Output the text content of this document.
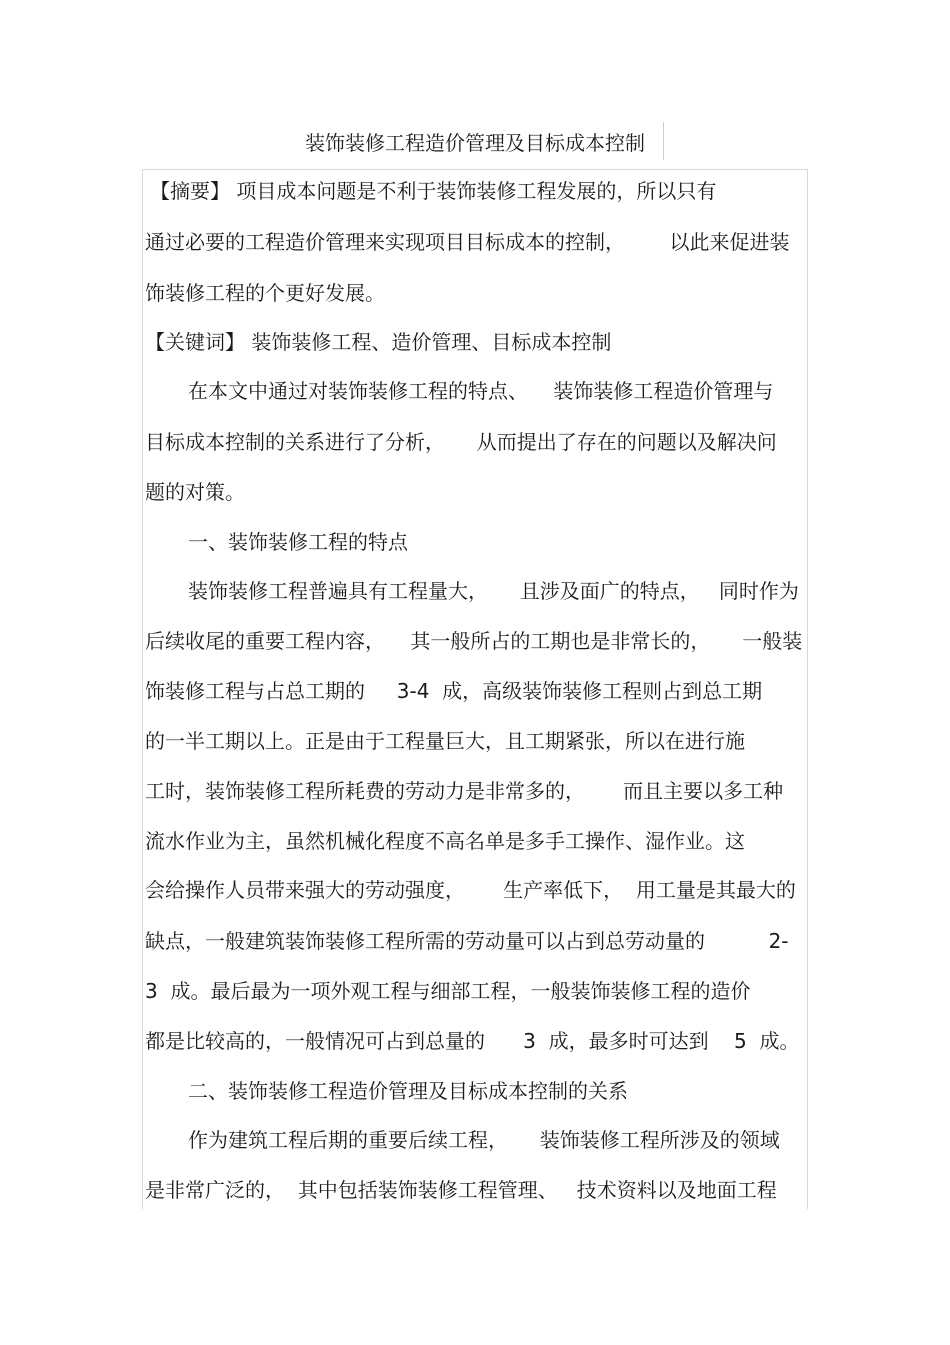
装饰装修工程造价管理及目标成本控制
【摘要】 项目成本问题是不利于装饰装修工程发展的，所以只有
通过必要的工程造价管理来实现项目目标成本的控制，       以此来促进装
饰装修工程的个更好发展。
【关键词】 装饰装修工程、造价管理、目标成本控制
在本文中通过对装饰装修工程的特点、    装饰装修工程造价管理与
目标成本控制的关系进行了分析，     从而提出了存在的问题以及解决问
题的对策。
一、装饰装修工程的特点
装饰装修工程普遍具有工程量大，     且涉及面广的特点，   同时作为
后续收尾的重要工程内容，    其一般所占的工期也是非常长的，     一般装
饰装修工程与占总工期的     3-4  成，高级装饰装修工程则占到总工期
的一半工期以上。正是由于工程量巨大，且工期紧张，所以在进行施
工时，装饰装修工程所耗费的劳动力是非常多的，      而且主要以多工种
流水作业为主，虽然机械化程度不高名单是多手工操作、湿作业。这
会给操作人员带来强大的劳动强度，      生产率低下，  用工量是其最大的
缺点，一般建筑装饰装修工程所需的劳动量可以占到总劳动量的          2-
3  成。最后最为一项外观工程与细部工程，一般装饰装修工程的造价
都是比较高的，一般情况可占到总量的      3  成，最多时可达到    5  成。
二、装饰装修工程造价管理及目标成本控制的关系
作为建筑工程后期的重要后续工程，     装饰装修工程所涉及的领域
是非常广泛的，  其中包括装饰装修工程管理、   技术资料以及地面工程
